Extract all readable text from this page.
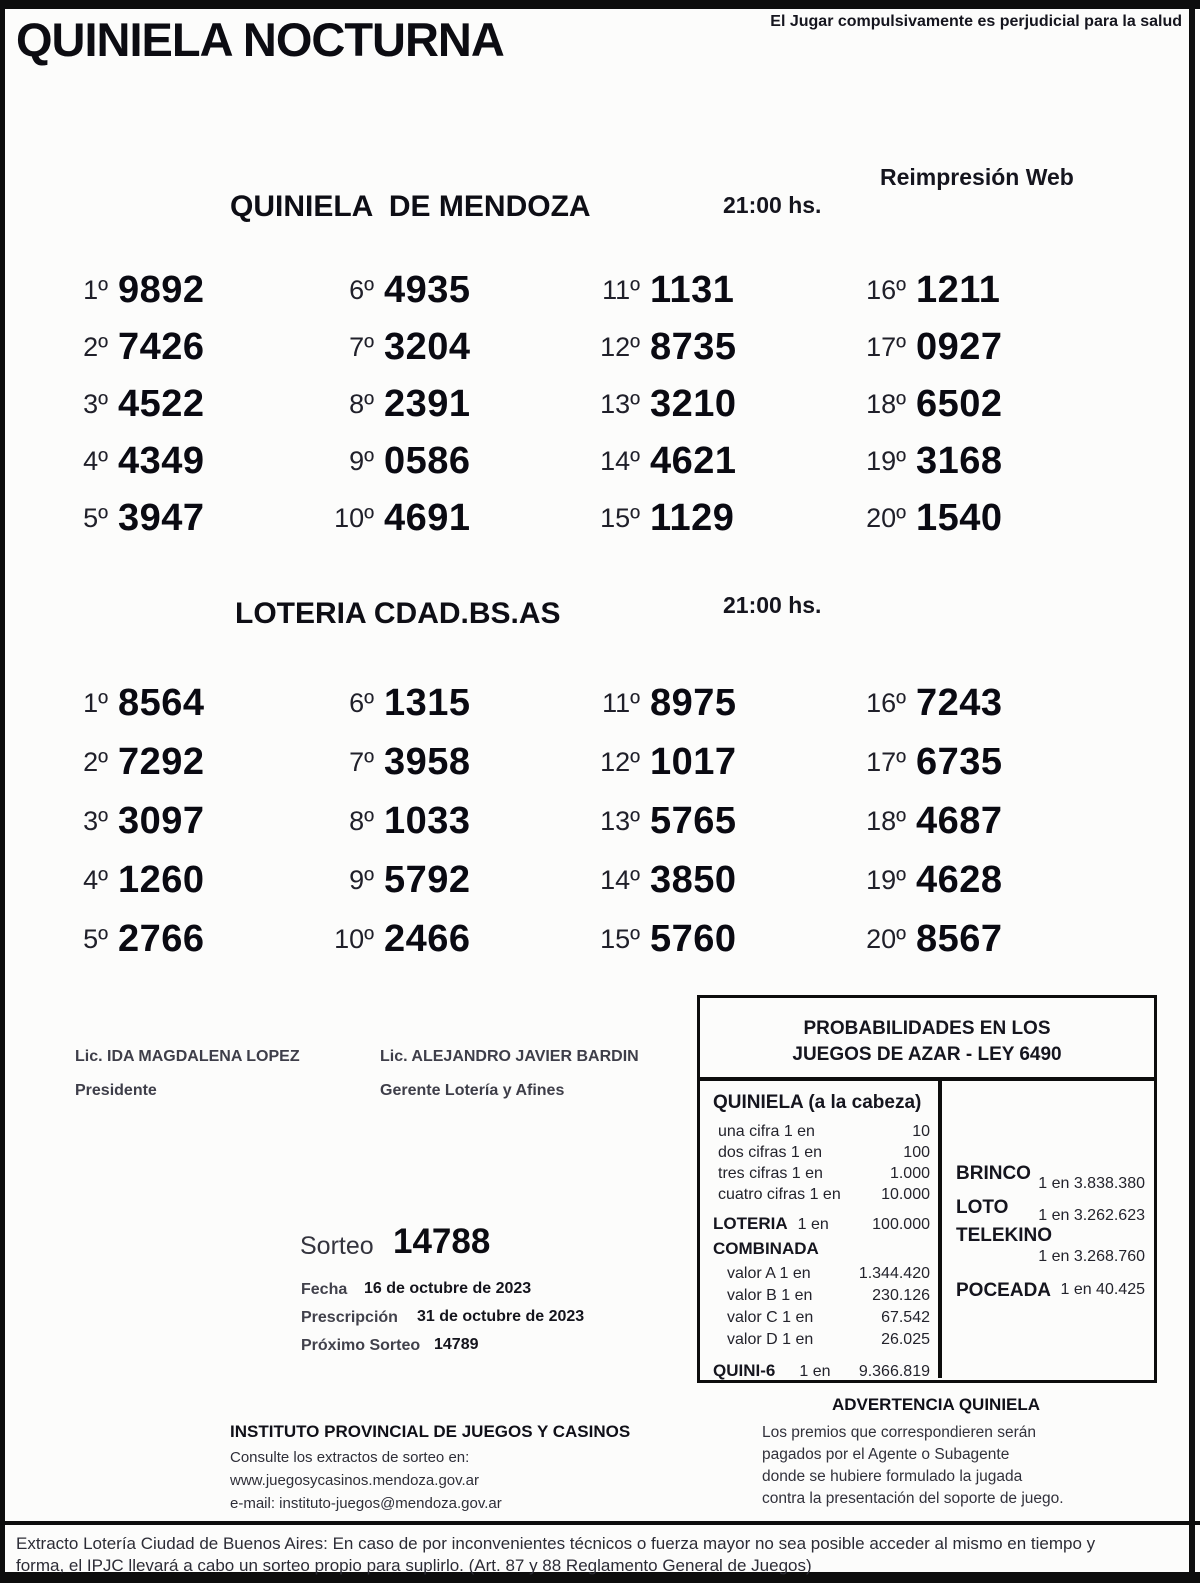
QUINIELA NOCTURNA	El Jugar compulsivamente es perjudicial para la salud
QUINIELA  DE MENDOZA	21:00 hs.
Reimpresión Web
1º 9892
2º 7426
3º 4522
4º 4349
5º 3947
6º 4935
7º 3204
8º 2391
9º 0586
10º 4691
11º 1131
12º 8735
13º 3210
14º 4621
15º 1129
16º 1211
17º 0927
18º 6502
19º 3168
20º 1540
LOTERIA CDAD.BS.AS	21:00 hs.
1º 8564
2º 7292
3º 3097
4º 1260
5º 2766
6º 1315
7º 3958
8º 1033
9º 5792
10º 2466
11º 8975
12º 1017
13º 5765
14º 3850
15º 5760
16º 7243
17º 6735
18º 4687
19º 4628
20º 8567
Lic. IDA MAGDALENA LOPEZ
Presidente
Lic. ALEJANDRO JAVIER BARDIN
Gerente Lotería y Afines
Sorteo 14788
Fecha 16 de octubre de 2023
Prescripción 31 de octubre de 2023
Próximo Sorteo 14789
PROBABILIDADES EN LOS
JUEGOS DE AZAR - LEY 6490
QUINIELA (a la cabeza)
una cifra 1 en	10
dos cifras 1 en	100
tres cifras 1 en	1.000
cuatro cifras 1 en	10.000
LOTERIA 1 en	100.000
COMBINADA
valor A 1 en	1.344.420
valor B 1 en	230.126
valor C 1 en	67.542
valor D 1 en	26.025
QUINI-6 1 en 9.366.819
BRINCO 1 en 3.838.380
LOTO 1 en 3.262.623
TELEKINO
1 en 3.268.760
POCEADA 1 en 40.425
INSTITUTO PROVINCIAL DE JUEGOS Y CASINOS
Consulte los extractos de sorteo en:
www.juegosycasinos.mendoza.gov.ar
e-mail: instituto-juegos@mendoza.gov.ar
ADVERTENCIA QUINIELA
Los premios que correspondieren serán
pagados por el Agente o Subagente
donde se hubiere formulado la jugada
contra la presentación del soporte de juego.
Extracto Lotería Ciudad de Buenos Aires: En caso de por inconvenientes técnicos o fuerza mayor no sea posible acceder al mismo en tiempo y
forma, el IPJC llevará a cabo un sorteo propio para suplirlo. (Art. 87 y 88 Reglamento General de Juegos)
